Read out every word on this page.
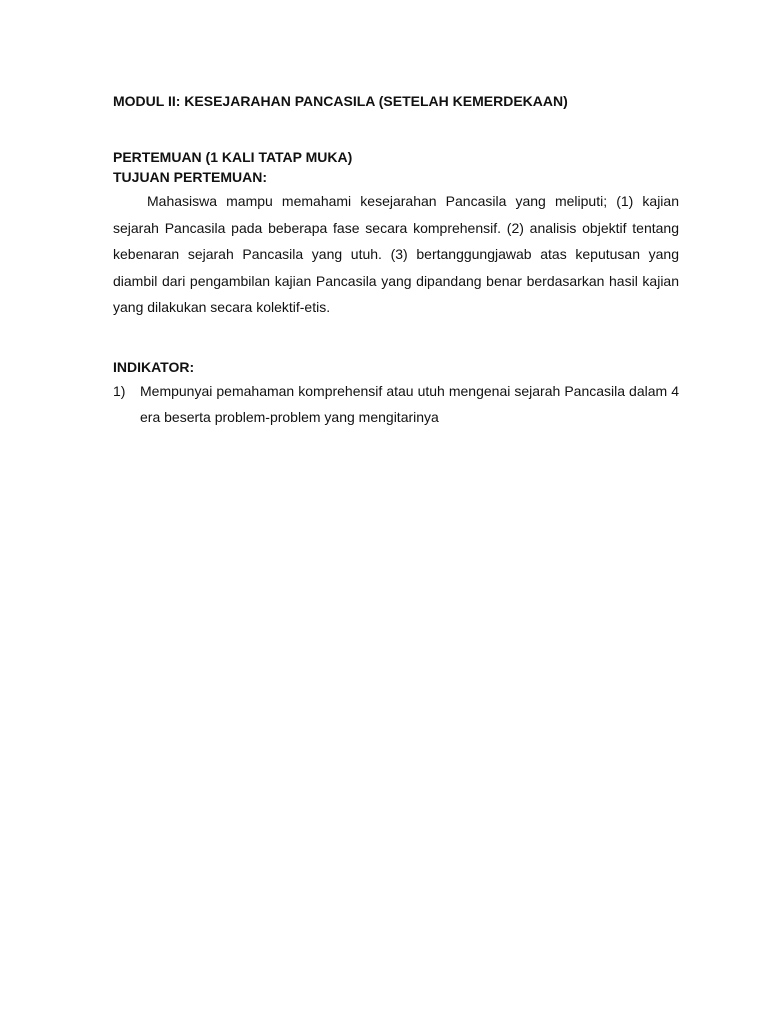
MODUL II: KESEJARAHAN PANCASILA (SETELAH KEMERDEKAAN)
PERTEMUAN (1 KALI TATAP MUKA)
TUJUAN PERTEMUAN:

Mahasiswa mampu memahami kesejarahan Pancasila yang meliputi; (1) kajian sejarah Pancasila pada beberapa fase secara komprehensif. (2) analisis objektif tentang kebenaran sejarah Pancasila yang utuh. (3) bertanggungjawab atas keputusan yang diambil dari pengambilan kajian Pancasila yang dipandang benar berdasarkan hasil kajian yang dilakukan secara kolektif-etis.

INDIKATOR:
1) Mempunyai pemahaman komprehensif atau utuh mengenai sejarah Pancasila dalam 4 era beserta problem-problem yang mengitarinya
